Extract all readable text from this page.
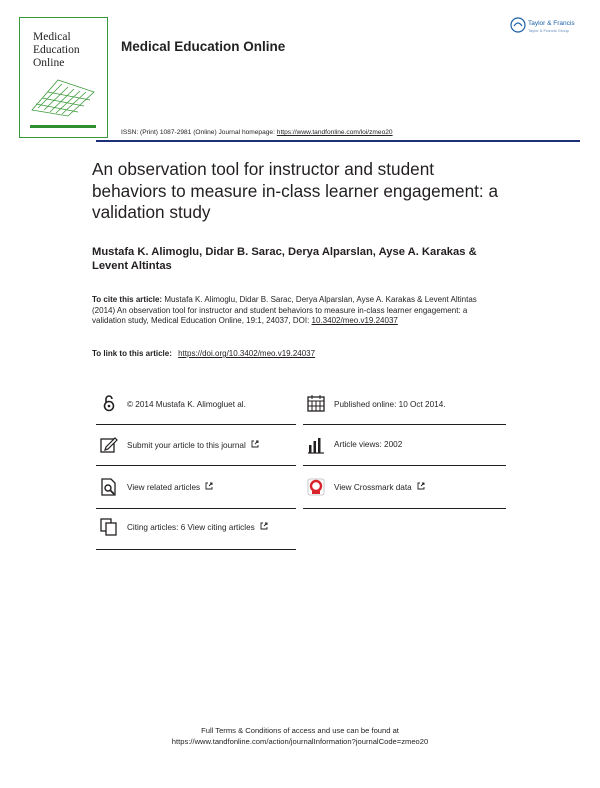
Medical
Education
Online
Medical Education Online
Taylor & Francis
Taylor & Francis Group
ISSN: (Print) 1087-2981 (Online) Journal homepage: https://www.tandfonline.com/loi/zmeo20
An observation tool for instructor and student behaviors to measure in-class learner engagement: a validation study
Mustafa K. Alimoglu, Didar B. Sarac, Derya Alparslan, Ayse A. Karakas & Levent Altintas
To cite this article: Mustafa K. Alimoglu, Didar B. Sarac, Derya Alparslan, Ayse A. Karakas & Levent Altintas (2014) An observation tool for instructor and student behaviors to measure in-class learner engagement: a validation study, Medical Education Online, 19:1, 24037, DOI: 10.3402/meo.v19.24037
To link to this article: https://doi.org/10.3402/meo.v19.24037
© 2014 Mustafa K. Alimogluet al.
Submit your article to this journal
View related articles
Citing articles: 6 View citing articles
Published online: 10 Oct 2014.
Article views: 2002
View Crossmark data
Full Terms & Conditions of access and use can be found at
https://www.tandfonline.com/action/journalInformation?journalCode=zmeo20
